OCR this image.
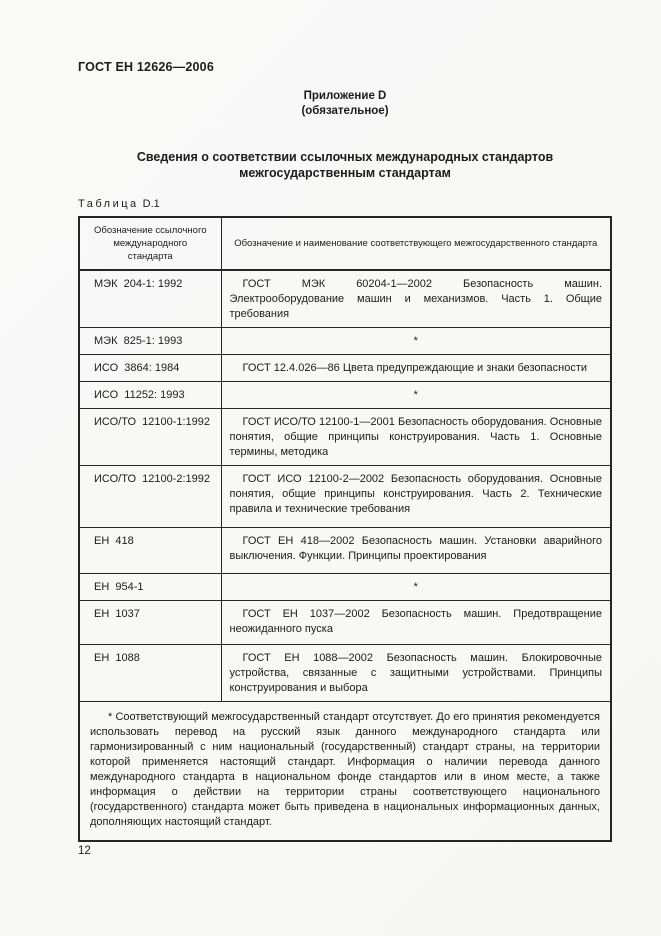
ГОСТ ЕН 12626—2006
Приложение D
(обязательное)
Сведения о соответствии ссылочных международных стандартов межгосударственным стандартам
Таблица D.1
Обозначение ссылочного международного стандарта	Обозначение и наименование соответствующего межгосударственного стандарта
МЭК  204-1: 1992	ГОСТ МЭК 60204-1—2002 Безопасность машин. Электрооборудование машин и механизмов. Часть 1. Общие требования
МЭК  825-1: 1993	*
ИСО  3864: 1984	ГОСТ 12.4.026—86 Цвета предупреждающие и знаки безопасности
ИСО  11252: 1993	*
ИСО/ТО  12100-1:1992	ГОСТ ИСО/ТО 12100-1—2001 Безопасность оборудования. Основные понятия, общие принципы конструирования. Часть 1. Основные термины, методика
ИСО/ТО  12100-2:1992	ГОСТ ИСО 12100-2—2002 Безопасность оборудования. Основные понятия, общие принципы конструирования. Часть 2. Технические правила и технические требования
ЕН  418	ГОСТ ЕН 418—2002 Безопасность машин. Установки аварийного выключения. Функции. Принципы проектирования
ЕН  954-1	*
ЕН  1037	ГОСТ ЕН 1037—2002 Безопасность машин. Предотвращение неожиданного пуска
ЕН  1088	ГОСТ ЕН 1088—2002 Безопасность машин. Блокировочные устройства, связанные с защитными устройствами. Принципы конструирования и выбора
* Соответствующий межгосударственный стандарт отсутствует. До его принятия рекомендуется использовать перевод на русский язык данного международного стандарта или гармонизированный с ним национальный (государственный) стандарт страны, на территории которой применяется настоящий стандарт. Информация о наличии перевода данного международного стандарта в национальном фонде стандартов или в ином месте, а также информация о действии на территории страны соответствующего национального (государственного) стандарта может быть приведена в национальных информационных данных, дополняющих настоящий стандарт.	
12
